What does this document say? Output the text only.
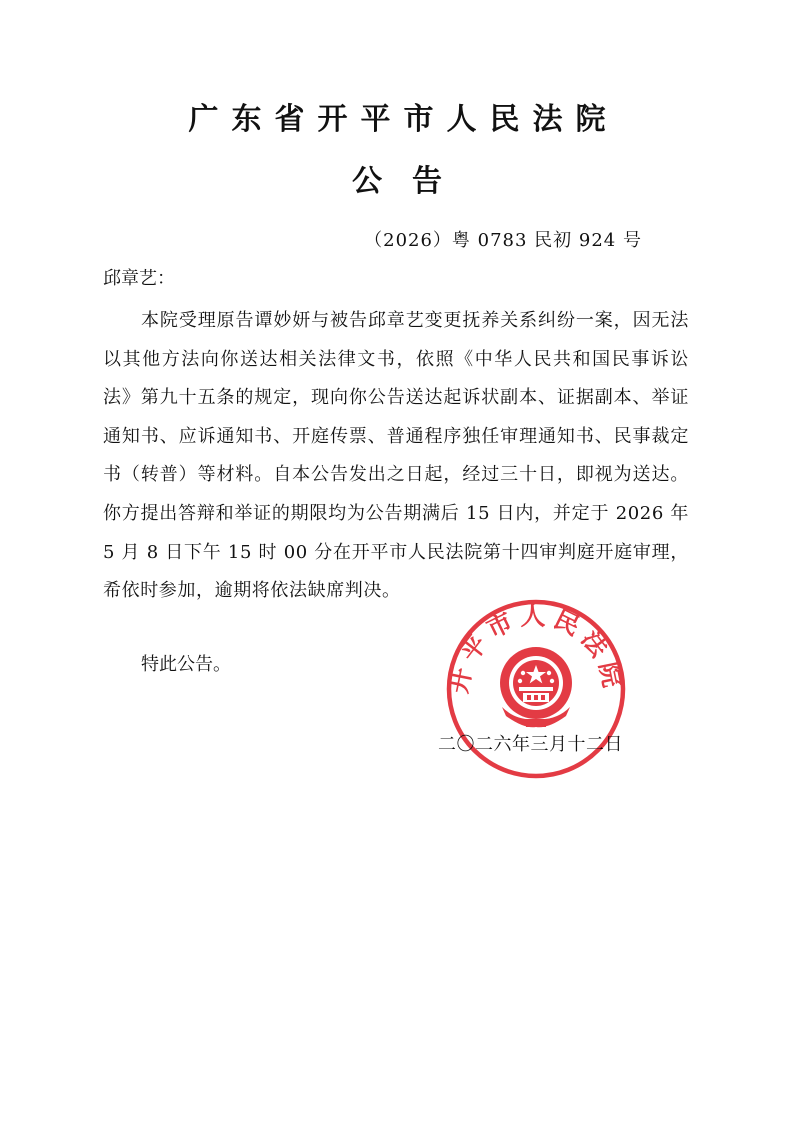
广东省开平市人民法院
公告
（2026）粤 0783 民初 924 号
邱章艺：

本院受理原告谭妙妍与被告邱章艺变更抚养关系纠纷一案，因无法以其他方法向你送达相关法律文书，依照《中华人民共和国民事诉讼法》第九十五条的规定，现向你公告送达起诉状副本、证据副本、举证通知书、应诉通知书、开庭传票、普通程序独任审理通知书、民事裁定书（转普）等材料。自本公告发出之日起，经过三十日，即视为送达。你方提出答辩和举证的期限均为公告期满后 15 日内，并定于 2026 年 5 月 8 日下午 15 时 00 分在开平市人民法院第十四审判庭开庭审理，希依时参加，逾期将依法缺席判决。

特此公告。
二〇二六年三月十二日
开平市人民法院
